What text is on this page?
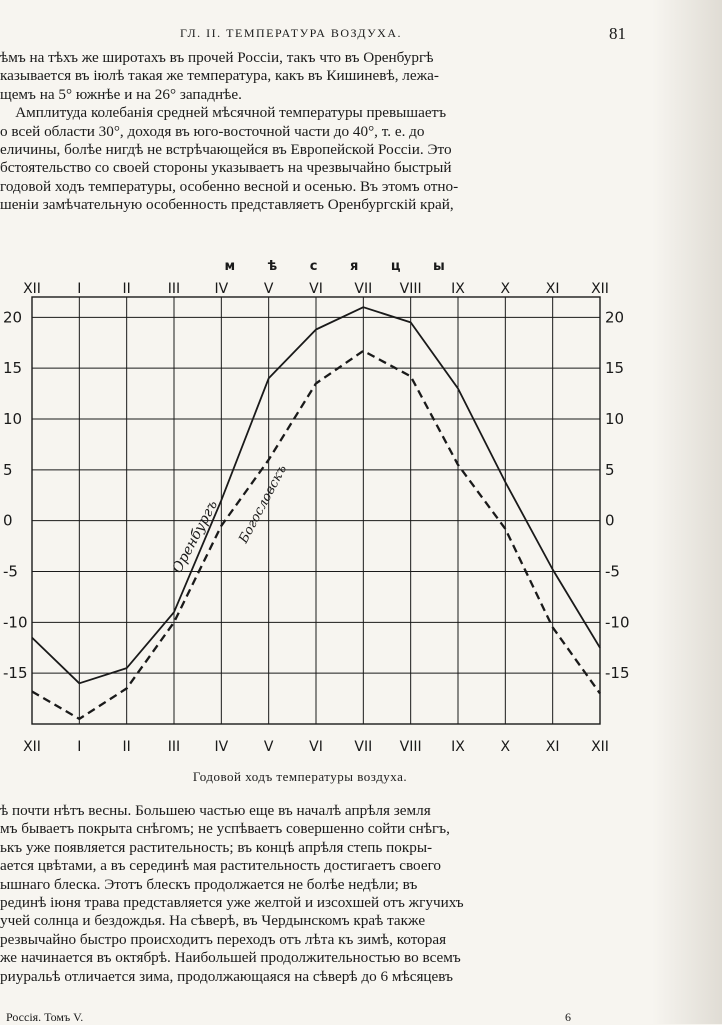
ГЛ. II. ТЕМПЕРАТУРА ВОЗДУХА.	81

ѣмъ на тѣхъ же широтахъ въ прочей Россіи, такъ что въ Оренбургѣ

казывается въ іюлѣ такая же температура, какъ въ Кишиневѣ, лежа-

щемъ на 5° южнѣе и на 26° западнѣе.

Амплитуда колебанія средней мѣсячной температуры превышаетъ

о всей области 30°, доходя въ юго-восточной части до 40°, т. е. до

еличины, болѣе нигдѣ не встрѣчающейся въ Европейской Россіи. Это

бстоятельство со своей стороны указываетъ на чрезвычайно быстрый

годовой ходъ температуры, особенно весной и осенью. Въ этомъ отно-

шеніи замѣчательную особенность представляетъ Оренбургскій край,

м ѣ с я ц ы
XII
XII
I
I
II
II
III
III
IV
IV
V
V
VI
VI
VII
VII
VIII
VIII
IX
IX
X
X
XI
XI
XII
XII
20	20
15	15
10	10
5	5
0	0
-5	-5
-10	-10
-15	-15
Оренбургъ Богословскъ
Годовой ходъ температуры воздуха.

ѣ почти нѣтъ весны. Большею частью еще въ началѣ апрѣля земля

мъ бываетъ покрыта снѣгомъ; не успѣваетъ совершенно сойти снѣгъ,

ькъ уже появляется растительность; въ концѣ апрѣля степь покры-

ается цвѣтами, а въ серединѣ мая растительность достигаетъ своего

ышнаго блеска. Этотъ блескъ продолжается не болѣе недѣли; въ

рединѣ іюня трава представляется уже желтой и изсохшей отъ жгучихъ

учей солнца и бездождья. На сѣверѣ, въ Чердынскомъ краѣ также

резвычайно быстро происходитъ переходъ отъ лѣта къ зимѣ, которая

же начинается въ октябрѣ. Наибольшей продолжительностью во всемъ

риуральѣ отличается зима, продолжающаяся на сѣверѣ до 6 мѣсяцевъ

Россія. Томъ V.	6
